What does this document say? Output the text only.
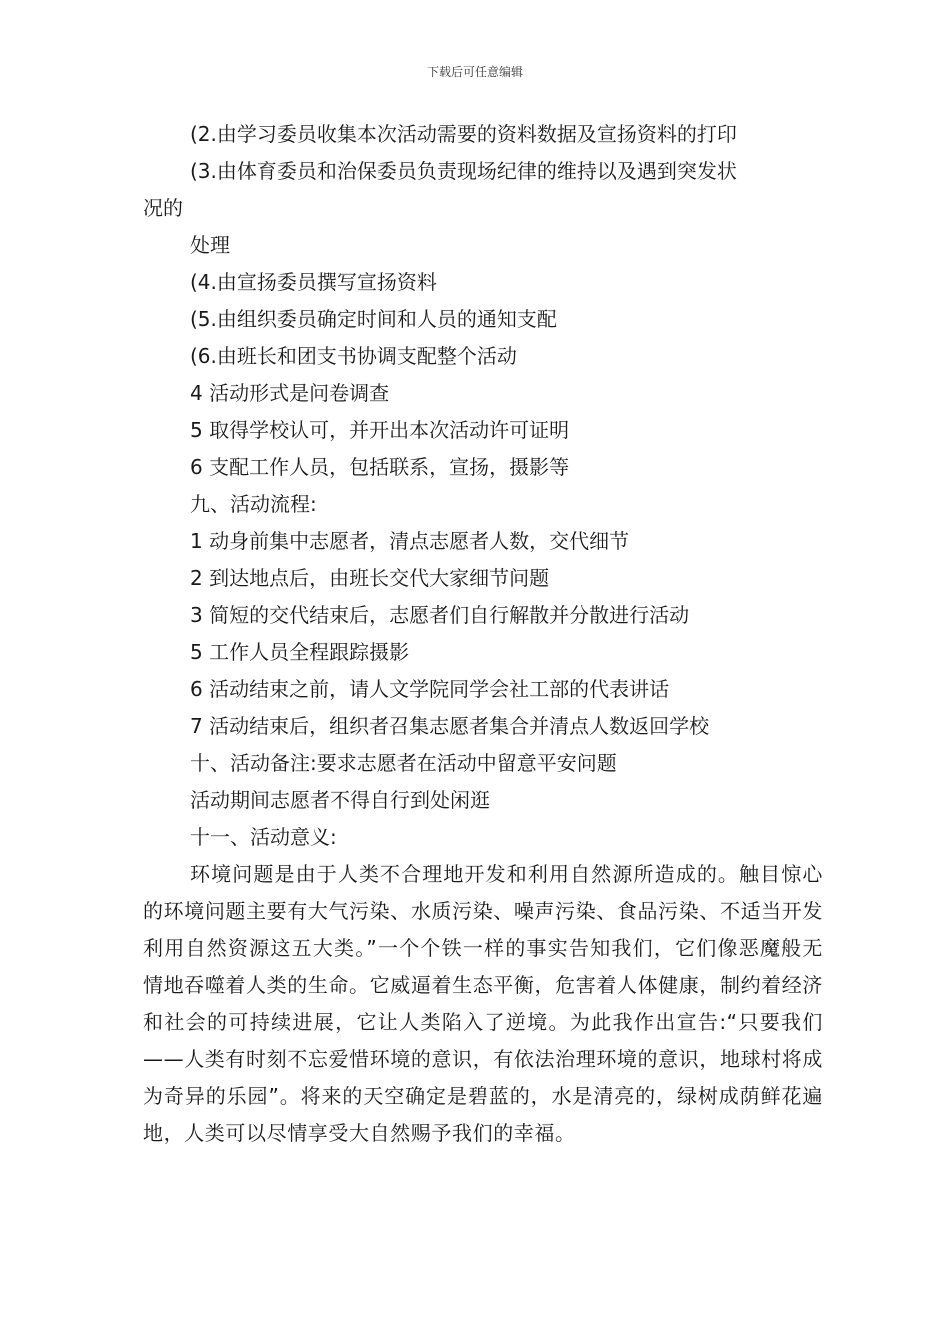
下载后可任意编辑
(2.由学习委员收集本次活动需要的资料数据及宣扬资料的打印
(3.由体育委员和治保委员负责现场纪律的维持以及遇到突发状
况的
处理
(4.由宣扬委员撰写宣扬资料
(5.由组织委员确定时间和人员的通知支配
(6.由班长和团支书协调支配整个活动
4 活动形式是问卷调查
5 取得学校认可，并开出本次活动许可证明
6 支配工作人员，包括联系，宣扬，摄影等
九、活动流程:
1 动身前集中志愿者，清点志愿者人数，交代细节
2 到达地点后，由班长交代大家细节问题
3 简短的交代结束后，志愿者们自行解散并分散进行活动
5 工作人员全程跟踪摄影
6 活动结束之前，请人文学院同学会社工部的代表讲话
7 活动结束后，组织者召集志愿者集合并清点人数返回学校
十、活动备注:要求志愿者在活动中留意平安问题
活动期间志愿者不得自行到处闲逛
十一、活动意义:
环境问题是由于人类不合理地开发和利用自然源所造成的。触目惊心的环境问题主要有大气污染、水质污染、噪声污染、食品污染、不适当开发利用自然资源这五大类。”一个个铁一样的事实告知我们，它们像恶魔般无情地吞噬着人类的生命。它威逼着生态平衡，危害着人体健康，制约着经济和社会的可持续进展，它让人类陷入了逆境。为此我作出宣告:“只要我们——人类有时刻不忘爱惜环境的意识，有依法治理环境的意识，地球村将成为奇异的乐园”。将来的天空确定是碧蓝的，水是清亮的，绿树成荫鲜花遍地，人类可以尽情享受大自然赐予我们的幸福。
